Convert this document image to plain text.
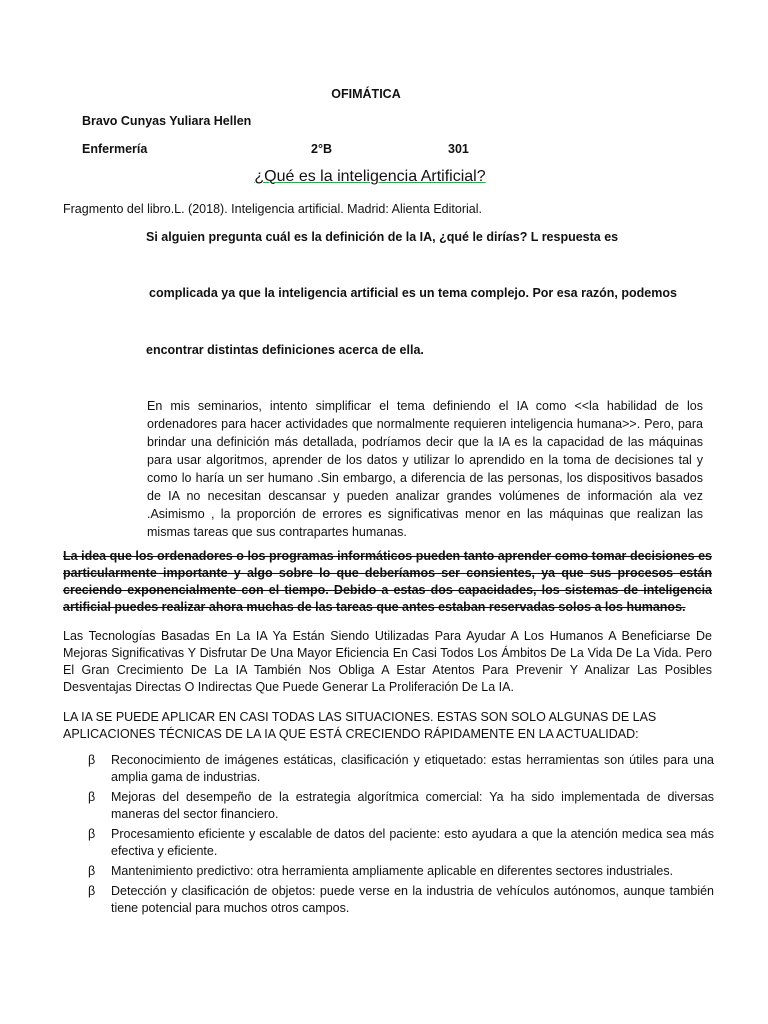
OFIMÁTICA
Bravo Cunyas Yuliara Hellen
Enfermería	2°B	301
¿Qué es la inteligencia Artificial?
Fragmento del libro.L. (2018). Inteligencia artificial. Madrid: Alienta Editorial.
Si alguien pregunta cuál es la definición de la IA, ¿qué le dirías? L respuesta es
complicada ya que la inteligencia artificial es un tema complejo. Por esa razón, podemos
encontrar distintas definiciones acerca de ella.
En mis seminarios, intento simplificar el tema definiendo el IA como <<la habilidad de los ordenadores para hacer actividades que normalmente requieren inteligencia humana>>. Pero, para brindar una definición más detallada, podríamos decir que la IA es la capacidad de las máquinas para usar algoritmos, aprender de los datos y utilizar lo aprendido en la toma de decisiones tal y como lo haría un ser humano .Sin embargo, a diferencia de las personas, los dispositivos basados de IA no necesitan descansar y pueden analizar grandes volúmenes de información ala vez .Asimismo , la proporción de errores es significativas menor en las máquinas que realizan las mismas tareas que sus contrapartes humanas.
La idea que los ordenadores o los programas informáticos pueden tanto aprender como tomar decisiones es particularmente importante y algo sobre lo que deberíamos ser consientes, ya que sus procesos están creciendo exponencialmente con el tiempo. Debido a estas dos capacidades, los sistemas de inteligencia artificial puedes realizar ahora muchas de las tareas que antes estaban reservadas solos a los humanos.
Las Tecnologías Basadas En La IA Ya Están Siendo Utilizadas Para Ayudar A Los Humanos A Beneficiarse De Mejoras Significativas Y Disfrutar De Una Mayor Eficiencia En Casi Todos Los Ámbitos De La Vida De La Vida. Pero El Gran Crecimiento De La IA También Nos Obliga A Estar Atentos Para Prevenir Y Analizar Las Posibles Desventajas Directas O Indirectas Que Puede Generar La Proliferación De La IA.
LA IA SE PUEDE APLICAR EN CASI TODAS LAS SITUACIONES. ESTAS SON SOLO ALGUNAS DE LAS APLICACIONES TÉCNICAS DE LA IA QUE ESTÁ CRECIENDO RÁPIDAMENTE EN LA ACTUALIDAD:
β Reconocimiento de imágenes estáticas, clasificación y etiquetado: estas herramientas son útiles para una amplia gama de industrias.
β Mejoras del desempeño de la estrategia algorítmica comercial: Ya ha sido implementada de diversas maneras del sector financiero.
β Procesamiento eficiente y escalable de datos del paciente: esto ayudara a que la atención medica sea más efectiva y eficiente.
β Mantenimiento predictivo: otra herramienta ampliamente aplicable en diferentes sectores industriales.
β Detección y clasificación de objetos: puede verse en la industria de vehículos autónomos, aunque también tiene potencial para muchos otros campos.
